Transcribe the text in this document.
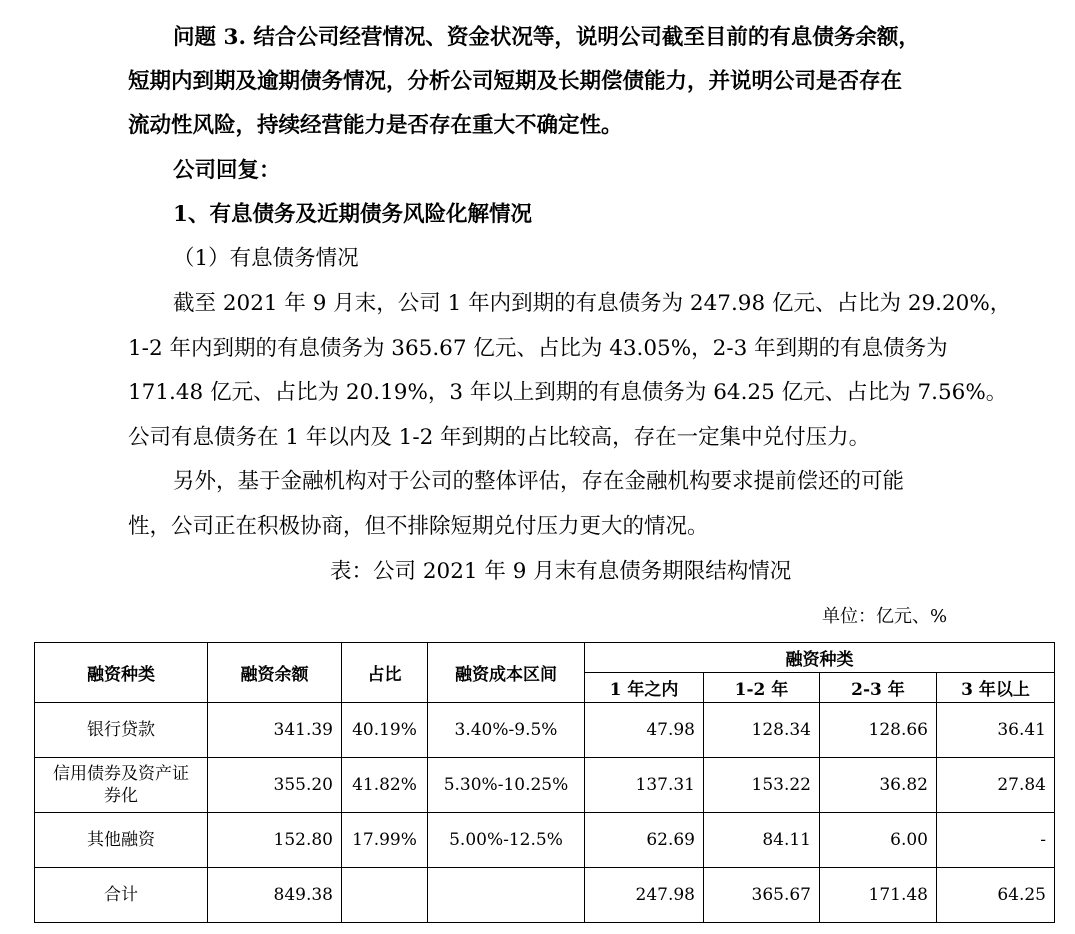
问题 3. 结合公司经营情况、资金状况等，说明公司截至目前的有息债务余额，
短期内到期及逾期债务情况，分析公司短期及长期偿债能力，并说明公司是否存在
流动性风险，持续经营能力是否存在重大不确定性。
公司回复：
1、有息债务及近期债务风险化解情况
（1）有息债务情况
截至 2021 年 9 月末，公司 1 年内到期的有息债务为 247.98 亿元、占比为 29.20%，
1-2 年内到期的有息债务为 365.67 亿元、占比为 43.05%，2-3 年到期的有息债务为
171.48 亿元、占比为 20.19%，3 年以上到期的有息债务为 64.25 亿元、占比为 7.56%。
公司有息债务在 1 年以内及 1-2 年到期的占比较高，存在一定集中兑付压力。
另外，基于金融机构对于公司的整体评估，存在金融机构要求提前偿还的可能
性，公司正在积极协商，但不排除短期兑付压力更大的情况。
表：公司 2021 年 9 月末有息债务期限结构情况
单位：亿元、%
融资种类	融资余额	占比	融资成本区间	融资种类			
				1 年之内	1-2 年	2-3 年	3 年以上
银行贷款	341.39	40.19%	3.40%-9.5%	47.98	128.34	128.66	36.41
信用债券及资产证券化	355.20	41.82%	5.30%-10.25%	137.31	153.22	36.82	27.84
其他融资	152.80	17.99%	5.00%-12.5%	62.69	84.11	6.00	-
合计	849.38			247.98	365.67	171.48	64.25
